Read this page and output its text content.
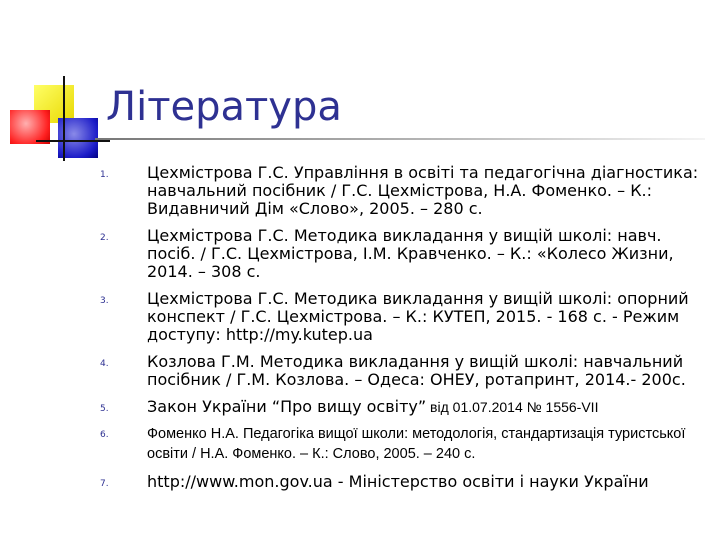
Література
1. Цехмістрова Г.С. Управління в освіті та педагогічна діагностика: навчальний посібник / Г.С. Цехмістрова, Н.А. Фоменко. – К.: Видавничий Дім «Слово», 2005. – 280 с.
2. Цехмістрова Г.С. Методика викладання у вищій школі: навч. посіб. / Г.С. Цехмістрова, І.М. Кравченко. – К.: «Колесо Жизни, 2014. – 308 с.
3. Цехмістрова Г.С. Методика викладання у вищій школі: опорний конспект / Г.С. Цехмістрова. – К.: КУТЕП, 2015. - 168 с. - Режим доступу: http://my.kutep.ua
4. Козлова Г.М. Методика викладання у вищій школі: навчальний посібник / Г.М. Козлова. – Одеса: ОНЕУ, ротапринт, 2014.- 200с.
5. Закон України “Про вищу освіту” від 01.07.2014 № 1556-VII
6.	Фоменко Н.А. Педагогіка вищої школи: методологія, стандартизація туристської освіти / Н.А. Фоменко. – К.: Слово, 2005. – 240 с.
7. http://www.mon.gov.ua - Міністерство освіти і науки України
